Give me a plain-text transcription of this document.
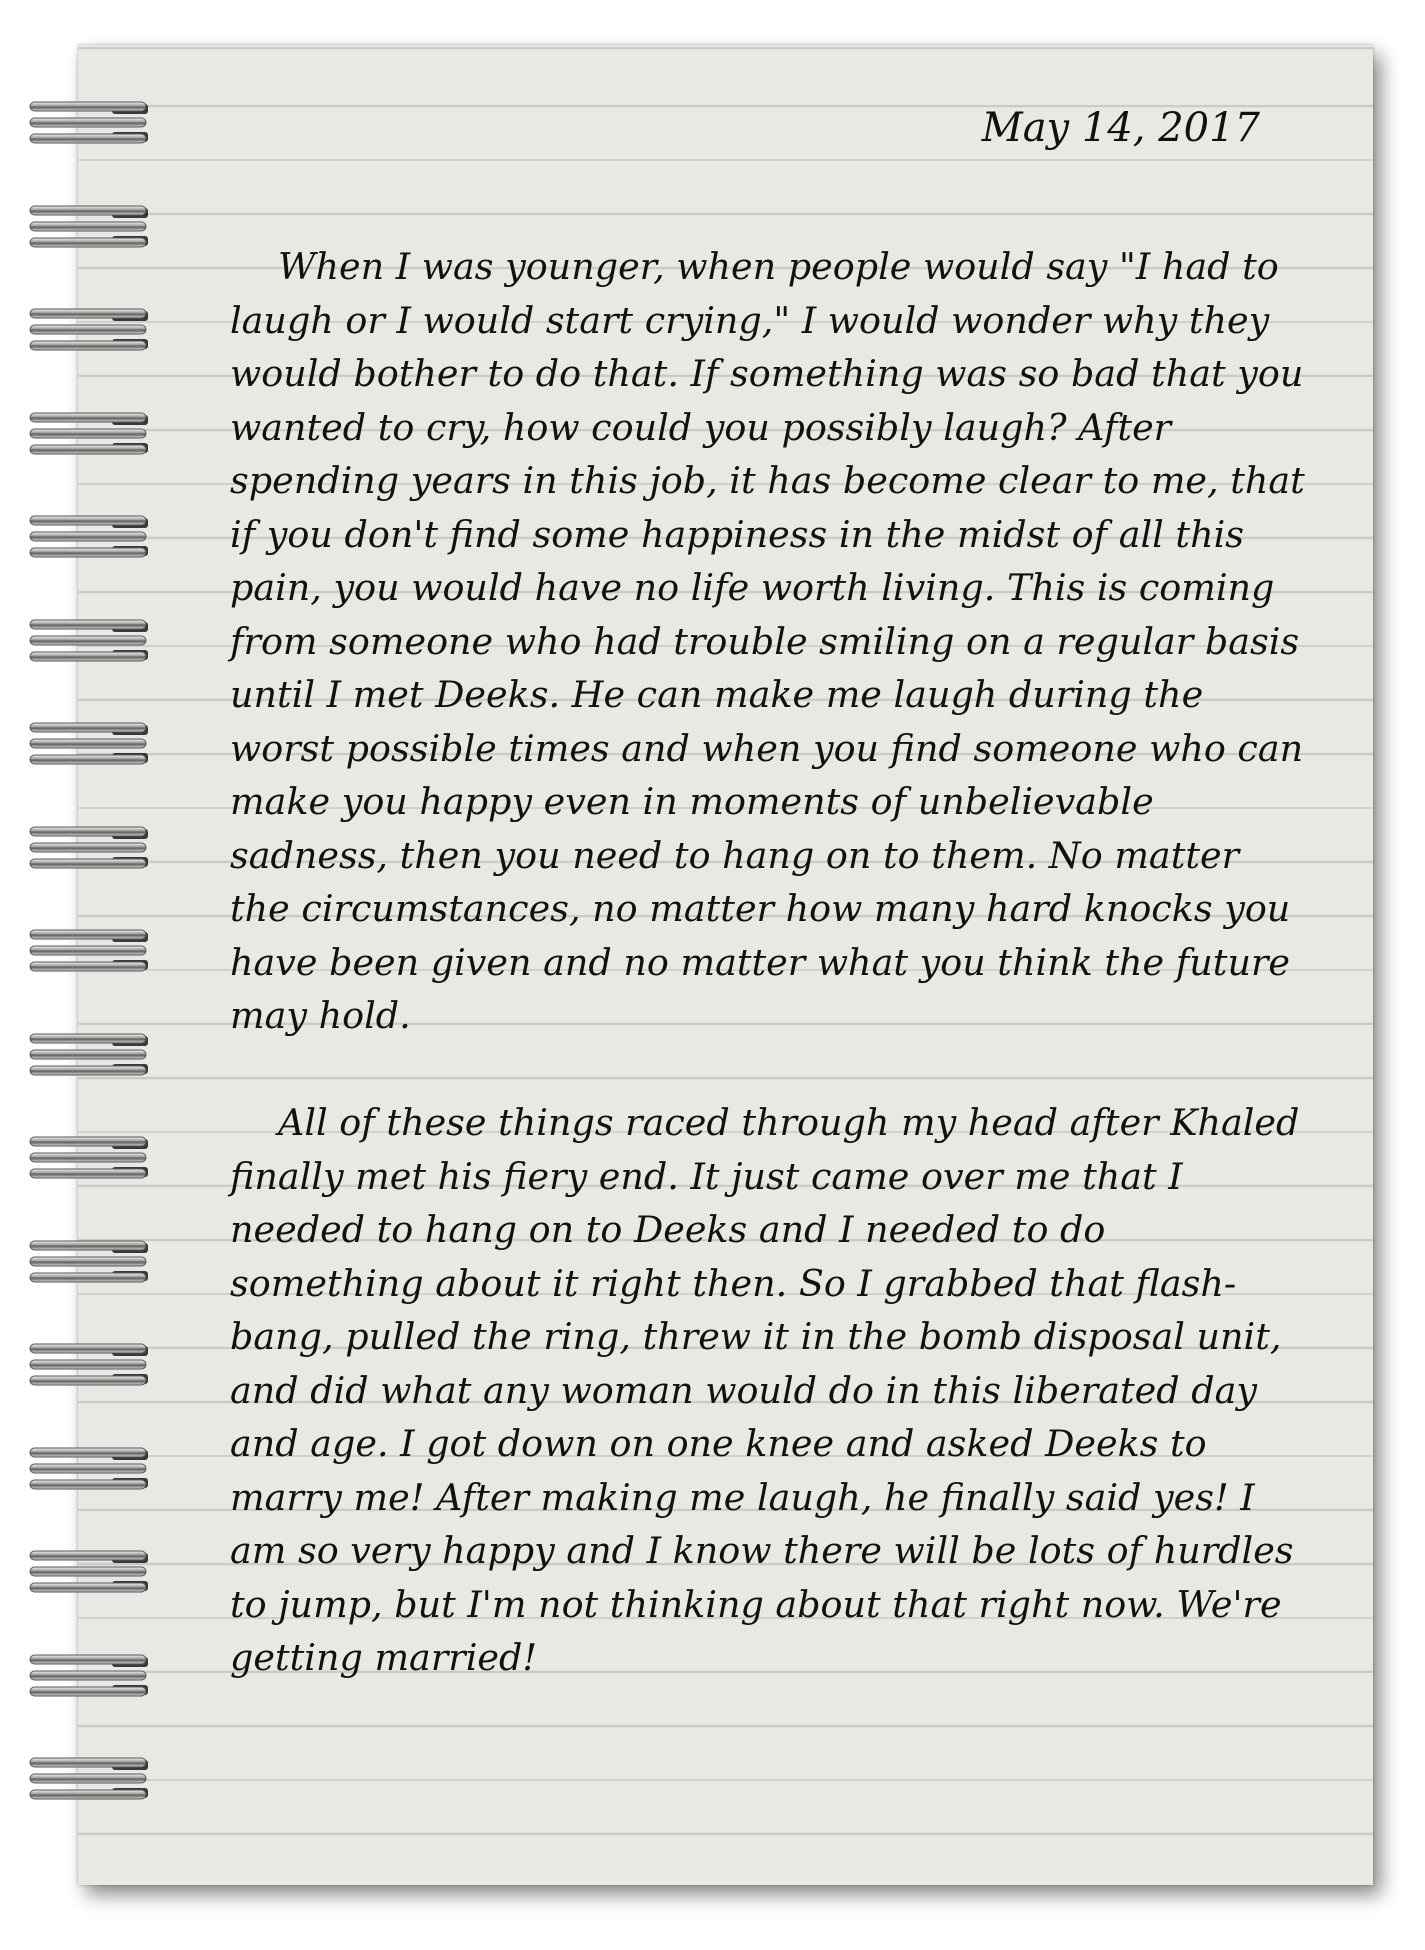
May 14, 2017

When I was younger, when people would say "I had to laugh or I would start crying," I would wonder why they would bother to do that. If something was so bad that you wanted to cry, how could you possibly laugh? After spending years in this job, it has become clear to me, that if you don't find some happiness in the midst of all this pain, you would have no life worth living. This is coming from someone who had trouble smiling on a regular basis until I met Deeks. He can make me laugh during the worst possible times and when you find someone who can make you happy even in moments of unbelievable sadness, then you need to hang on to them. No matter the circumstances, no matter how many hard knocks you have been given and no matter what you think the future may hold.

All of these things raced through my head after Khaled finally met his fiery end. It just came over me that I needed to hang on to Deeks and I needed to do something about it right then. So I grabbed that flash-bang, pulled the ring, threw it in the bomb disposal unit, and did what any woman would do in this liberated day and age. I got down on one knee and asked Deeks to marry me! After making me laugh, he finally said yes! I am so very happy and I know there will be lots of hurdles to jump, but I'm not thinking about that right now. We're getting married!
